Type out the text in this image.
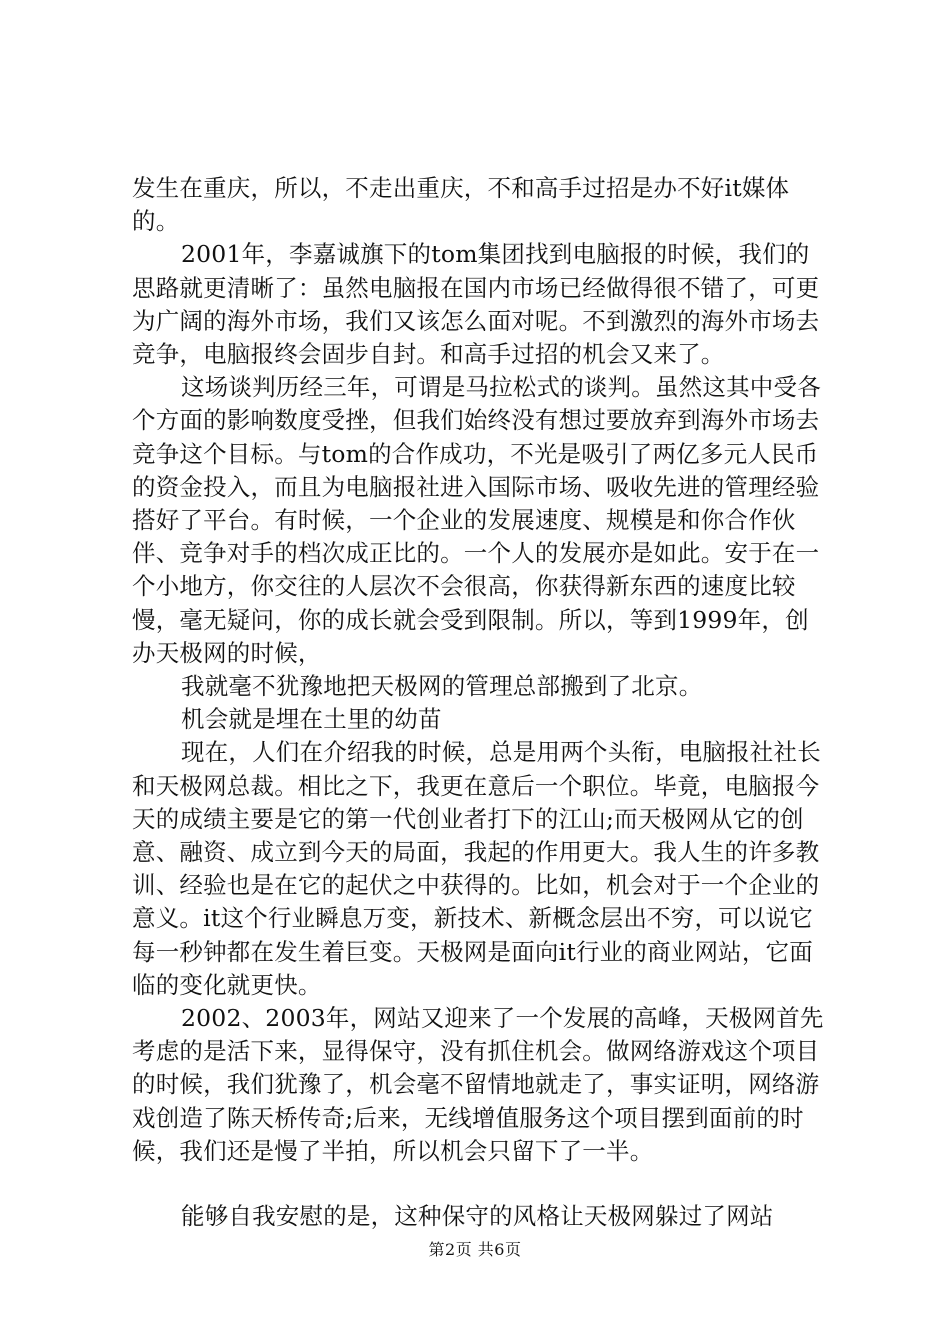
发生在重庆，所以，不走出重庆，不和高手过招是办不好it媒体的。

2001年，李嘉诚旗下的tom集团找到电脑报的时候，我们的思路就更清晰了：虽然电脑报在国内市场已经做得很不错了，可更为广阔的海外市场，我们又该怎么面对呢。不到激烈的海外市场去竞争，电脑报终会固步自封。和高手过招的机会又来了。

这场谈判历经三年，可谓是马拉松式的谈判。虽然这其中受各个方面的影响数度受挫，但我们始终没有想过要放弃到海外市场去竞争这个目标。与tom的合作成功，不光是吸引了两亿多元人民币的资金投入，而且为电脑报社进入国际市场、吸收先进的管理经验搭好了平台。有时候，一个企业的发展速度、规模是和你合作伙伴、竞争对手的档次成正比的。一个人的发展亦是如此。安于在一个小地方，你交往的人层次不会很高，你获得新东西的速度比较慢，毫无疑问，你的成长就会受到限制。所以，等到1999年，创办天极网的时候，

我就毫不犹豫地把天极网的管理总部搬到了北京。

机会就是埋在土里的幼苗

现在，人们在介绍我的时候，总是用两个头衔，电脑报社社长和天极网总裁。相比之下，我更在意后一个职位。毕竟，电脑报今天的成绩主要是它的第一代创业者打下的江山;而天极网从它的创意、融资、成立到今天的局面，我起的作用更大。我人生的许多教训、经验也是在它的起伏之中获得的。比如，机会对于一个企业的意义。it这个行业瞬息万变，新技术、新概念层出不穷，可以说它每一秒钟都在发生着巨变。天极网是面向it行业的商业网站，它面临的变化就更快。

2002、2003年，网站又迎来了一个发展的高峰，天极网首先考虑的是活下来，显得保守，没有抓住机会。做网络游戏这个项目的时候，我们犹豫了，机会毫不留情地就走了，事实证明，网络游戏创造了陈天桥传奇;后来，无线增值服务这个项目摆到面前的时候，我们还是慢了半拍，所以机会只留下了一半。

能够自我安慰的是，这种保守的风格让天极网躲过了网站

第2页 共6页
